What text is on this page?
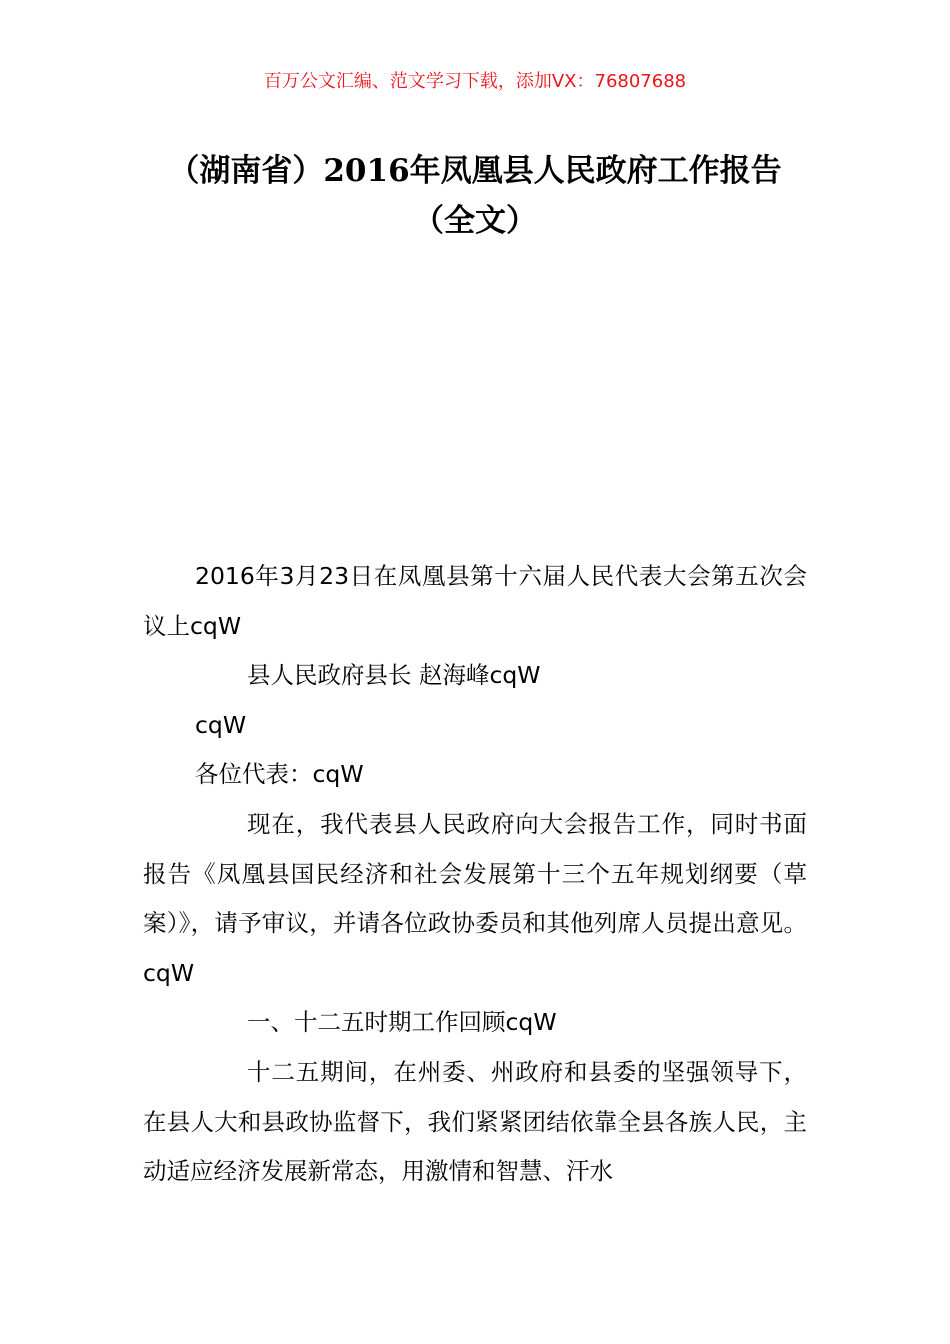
百万公文汇编、范文学习下载，添加VX：76807688
（湖南省）2016年凤凰县人民政府工作报告（全文）

2016年3月23日在凤凰县第十六届人民代表大会第五次会议上cqW

县人民政府县长 赵海峰cqW

cqW

各位代表：cqW

现在，我代表县人民政府向大会报告工作，同时书面报告《凤凰县国民经济和社会发展第十三个五年规划纲要（草案）》，请予审议，并请各位政协委员和其他列席人员提出意见。cqW

一、十二五时期工作回顾cqW

十二五期间，在州委、州政府和县委的坚强领导下，在县人大和县政协监督下，我们紧紧团结依靠全县各族人民，主动适应经济发展新常态，用激情和智慧、汗水
